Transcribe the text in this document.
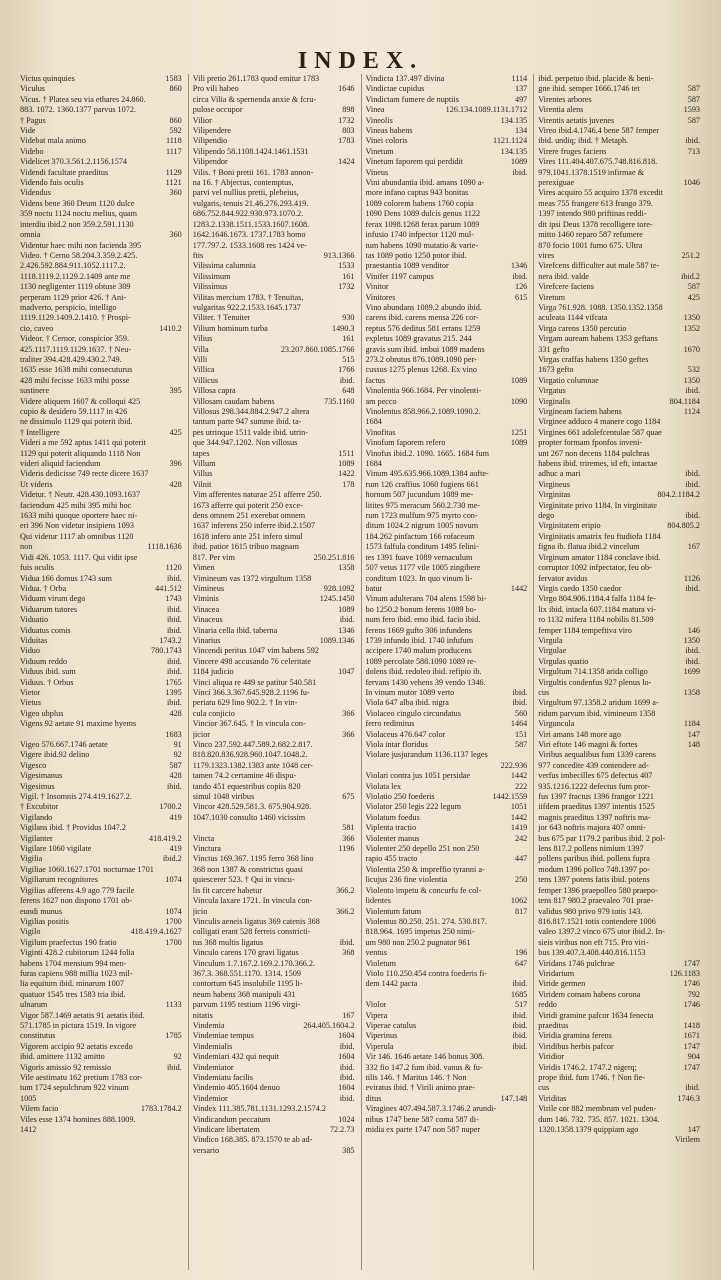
INDEX.
Victus quinquies	1583
Viculus	860
Vicus. † Platea seu via ethares 24.860.
883. 1072. 1360.1377 parvus 1072.
† Pagus	860
Vide	592
Videbat mala animo	1118
Videbo	1117
Videlicet 370.3.561.2.1156.1574
Videndi facultate praeditus	1129
Videndo fuis oculis	1121
Videndus	360
Videns bene 360 Deum 1120 dulce
359 noctu 1124 noctu melius, quam
interdiu ibid.2 non 359.2.591.1130
omnia	360
Videntur haec mihi non facienda 395
Video. † Cerno 58.204.3.359.2.425.
2.426.592.884.911.1052.1117.2.
1118.1119.2.1129.2.1409 ante me
1130 negligenter 1119 obtuse 309
perperam 1129 prior 426. † Ani-
madverto, perspicio, intelligo
1119.1129.1409.2.1410. † Prospi-
cio, caveo	1410.2
Videor. † Cernor, conspicior 359.
425.1117.1119.1129.1637. † Neu-
traliter 394.428.429.430.2.749.
1635 esse 1638 mihi consecuturus
428 mihi fecisse 1633 mihi posse
sustinere	395
Videre aliquem 1607 & colloqui 425
cupio & desidero 59.1117 in 426
ne dissimulo 1129 qui poterit ibid.
† Intelligere	425
Videri a me 592 aptus 1411 qui poterit
1129 qui poterit aliquando 1118 Non
videri aliquid faciendum	396
Videris dedicisse 749 recte dicere 1637
Ut videris	428
Videtur. † Neutr. 428.430.1093.1637
faciendum 425 mihi 395 mihi hoc
1633 mihi quoque oportere haec ni-
eri 396 Non videtur insipiens 1093
Qui videtur 1117 ab omnibus 1120
non	1118.1636
Vidi 426. 1053. 1117. Qui vidit ipse
fuis oculis	1120
Vidua 166 domus 1743 sum	ibid.
Vidua. † Orba	441.512
Viduam virum dego	1743
Viduarum tutores	ibid.
Viduatio	ibid.
Viduatus comis	ibid.
Viduitas	1743.2
Viduo	780.1743
Viduum reddo	ibid.
Viduus ibid. sum	ibid.
Viduus. † Orbus	1765
Vietor	1395
Vietus	ibid.
Vigeo ubplus	428
Vigens 92 aetate 91 maxime hyems
1683
Vigeo 576.667.1746 aetate	91
Vigere ibid.92 delino	92
Vigesco	587
Vigesimanus	428
Vigesimus	ibid.
Vigil. † Insomnis 274.419.1627.2.
† Excubitor	1700.2
Vigilando	419
Vigilans ibid. † Providus 1047.2
Vigilanter	418.419.2
Vigilare 1060 vigilate	419
Vigilia	ibid.2
Vigiliae 1060.1627.1701 nocturnae 1701
Vigiliarum recognitores	1074
Vigilias afferens 4.9 ago 779 facile
ferens 1627 non dispono 1701 ob-
eundi munus	1074
Vigilias positis	1700
Vigilo	418.419.4.1627
Vigilum praefectus 190 fratio	1700
Viginti 428.2 cubitorum 1244 folia
habens 1704 mensium 994 men-
furas capiens 988 millia 1023 mil-
lia equitum ibid. minarum 1007
quatuor 1545 tres 1583 tria ibid.
ulnarum	1133
Vigor 587.1469 aetatis 91 aetatis ibid.
571.1785 in pictura 1519. In vigore
constitutus	1785
Vigorem accipio 92 aetatis excedo
ibid. amittere 1132 amitto	92
Vigoris amissio 92 remissio	ibid.
Vile aestimatu 162 pretium 1783 cor-
tum 1724 sepulchrum 922 vinum
1005
Vilem facio	1783.1784.2
Viles esse 1374 homines 888.1009.
1412
Vili pretio 261.1783 quod emitur 1783
Pro vili habeo	1646
circa Vilia & spernenda anxie & fcru-
pulose occupor	898
Vilior	1732
Vilipendere	803
Vilipendio	1783
Vilipendo 58.1108.1424.1461.1531
Vilipendor	1424
Vilis. † Boni pretii 161. 1783 annon-
na 16. † Abjectus, contemptus,
parvi vel nullius pretii, plebeius,
vulgaris, tenuis 21.46.276.293.419.
686.752.844.922.930.973.1070.2.
1283.2.1338.1511.1533.1607.1608.
1642.1646.1673. 1737.1783 homo
177.797.2. 1533.1608 res 1424 ve-
ftis	913.1366
Vilissima calumnia	1533
Vilissimum	161
Vilissimus	1732
Vilitas mercium 1783. † Tenuitas,
vulgaritas 922.2.1533.1645.1737
Viliter. † Tenuiter	930
Vilium hominum turba	1490.3
Vilius	161
Villa	23.207.860.1085.1766
Villi	515
Villica	1766
Villicus	ibid.
Villosa capra	648
Villosam caudam habens	735.1160
Villosus 298.344.884.2.947.2 altera
tantum parte 947 summe ibid. ta-
pes utrinque 1511 valde ibid. utrin-
que 344.947.1202. Non villosus
tapes	1511
Villum	1089
Villus	1422
Vilnit	178
Vim afferentes naturae 251 afferre 250.
1673 afferre qui poterit 250 exce-
dens omnem 251 exerebat omnem
1637 inferens 250 inferre ibid.2.1507
1618 infero ante 251 infero simul
ibid. patior 1615 tribuo magnam
817. Per vim	250.251.816
Vimen	1358
Vimineum vas 1372 virgultum 1358
Vimineus	928.1092
Viminis	1245.1450
Vinacea	1089
Vinaceus	ibid.
Vinaria cella ibid. taberna	1346
Vinarius	1089.1346
Vincendi peritus 1047 vim habens 592
Vincere 498 accusando 76 celeritate
1184 judicio	1047
Vinci aliqua re 449 se patitur 540.581
Vinci 366.3.367.645.928.2.1196 fu-
periatu 629 lino 902.2. † In vin-
cula conjicio	366
Vincior 367.645. † In vincula con-
jicior	366
Vinco 237.592.447.589.2.682.2.817.
818.820.836.928.960.1047.1048.2.
1179.1323.1382.1383 ante 1048 cer-
tamen 74.2 certamine 46 dispu-
tando 451 equestribus copiis 820
simul 1048 viribus	675
Vincor 428.529.581.3. 675.904.928.
1047.1030 consulto 1460 vicissim
581
Vincta	366
Vinctura	1196
Vinctus 169.367. 1195 ferro 368 lino
368 non 1387 & constrictus quasi
quiescerer 523. † Qui in vincu-
lis fit carcere habetur	366.2
Vincula laxare 1721. In vincula con-
jicio	366.2
Vinculis aeneis ligatus 369 catenis 368
colligati erant 528 ferreis constricti-
tus 368 multis ligatus	ibid.
Vinculo carens 170 gravi ligatus	368
Vinculum 1.7.167.2.169.2.170.366.2.
367.3. 368.551.1170. 1314. 1509
contortum 645 insolubile 1195 li-
neum habens 368 manipuli 431
parvum 1195 testium 1196 virgi-
nitatis	167
Vindemia	264.405.1604.2
Vindemiae tempus	1604
Vindemialis	ibid.
Vindemiari 432 qui nequit	1604
Vindemiator	ibid.
Vindemiatu facilis	ibid.
Vindemio 405.1604 denuo	1604
Vindemior	ibid.
Vindex 111.385.781.1131.1293.2.1574.2
Vindicandum peccatum	1024
Vindicare libertatem	72.2.73
Vindico 168.385. 873.1570 te ab ad-
versario	385
Vindicta 137.497 divina	1114
Vindictae cupidus	137
Vindictam fumere de nuptiis	497
Vinea	126.134.1089.1131.1712
Vineolis	134.135
Vineas habens	134
Vinei coloris	1121.1124
Vinetum	134.135
Vinetum faporem qui perdidit	1089
Vineus	ibid.
Vini abundantia ibid. amans 1090 a-
more infano captus 943 bonitas
1089 colorem habens 1760 copia
1090 Dens 1089 dulcis genus 1122
ferax 1098.1268 ferax parum 1089
infusio 1740 infpector 1120 mul-
tum habens 1090 mutatio & varie-
tas 1089 potio 1250 potor ibid.
praestantia 1089 venditor	1346
Vinifer 1197 campus	ibid.
Vinitor	126
Vinitores	615
Vino abundans 1089.2 abundo ibid.
carens ibid. carens mensa 226 cor-
reptus 576 deditus 581 errans 1259
expletus 1089 gravatus 215. 244
gravis sum ibid. imbui 1089 madens
273.2 obrutus 876.1089.1090 per-
cussus 1275 plenus 1268. Ex vino
factus	1089
Vinolentia 966.1684. Per vinolenti-
am pecco	1090
Vinolentus 858.966.2.1089.1090.2.
1684
Vinofitas	1251
Vinofum faporem refero	1089
Vinofus ibid.2. 1090. 1665. 1684 fum
1684
Vinum 495.635.966.1089.1384 aufte-
rum 126 craffius 1060 fugiens 661
hornum 507 jucundum 1089 me-
litites 975 meracum 560.2.730 me-
rum 1723 mulfum 975 myrto con-
ditum 1024.2 nigrum 1005 novum
184.262 pinfactum 166 rofaceum
1573 falfula conditum 1495 felini-
tes 1391 fuave 1089 vernaculum
507 vetus 1177 vile 1005 zingibere
conditum 1023. In quo vinum li-
batur	1442
Vinum adulterans 704 alens 1598 bi-
bo 1250.2 bonum ferens 1089 bo-
num fero ibid. emo ibid. facio ibid.
ferens 1669 gufto 306 infundens
1739 infundo ibid. 1740 infufum
accipere 1740 malum producens
1089 percolate 588.1090 1089 re-
dolens ibid. redoleo ibid. refipio ib.
fervans 1430 vehens 39 vendo 1346.
In vinum mutor 1089 verto	ibid.
Viola 647 alba ibid. nigra	ibid.
Violaceo cingulo circundatus	560
ferro redimitus	1464
Violaceus 476.647 color	151
Viola intar floridus	587
Violare jusjurandum 1136.1137 leges
222.936
Violari contra jus 1051 persidae	1442
Violata lex	222
Violatio 250 foederis	1442.1559
Violator 250 legis 222 legum	1051
Violatum foedus	1442
Viplenta tractio	1419
Violenter manus	242
Violenter 250 depello 251 non 250
rapio 455 tracto	447
Violentia 250 & impreffio tyranni a-
licujus 236 fine violentia	250
Violento impetu & concurfu fe col-
lidentes	1062
Violentum fatum	817
Violentus 80.250. 251. 274. 530.817.
818.964. 1695 impetus 250 nimi-
um 980 non 250.2 pugnator 961
ventus	196
Violetum	647
Violo 110.250.454 contra foederis fi-
dem 1442 pacta	ibid.
1685
Violor	517
Vipera	ibid.
Viperae catulus	ibid.
Viperinus	ibid.
Viperula	ibid.
Vir 146. 1646 aetate 146 bonus 308.
332 fio 147.2 fum ibid. vanus & fu-
tilis 146. † Maritus 146. † Non
eviratus ibid. † Virili animo prae-
ditus	147.148
Viragines 407.494.587.3.1746.2 arundi-
nibus 1747 bene 587 coma 587 di-
midia ex parte 1747 non 587 nuper
ibid. perpetuo ibid. placide & beni-
gne ibid. semper 1666.1746 tet	587
Virentes arbores	587
Virentia alens	1593
Virentis aetatis juvenes	587
Vireo ibid.4.1746.4 bene 587 femper
ibid. undiq; ibid. † Metaph.	ibid.
Virere fruges faciens	713
Vires 111.404.407.675.748.816.818.
979.1041.1378.1519 infirmae &
perexiguae	1046
Vires acquiro 55 acquiro 1378 excedit
meas 755 frangere 613 frango 379.
1397 intendo 980 priftinas reddi-
dit ipsi Deus 1378 recolligere tore-
mitto 1460 reparo 587 refumere
870 focio 1001 fumo 675. Ultra
vires	251.2
Virefcens difficulter aut male 587 te-
nera ibid. valde	ibid.2
Virefcere faciens	587
Viretum	425
Virga 761.928. 1088. 1350.1352.1358
aculeata 1144 vifcata	1350
Virga carens 1350 percutio	1352
Virgam auream habens 1353 geftans
331 gefto	1670
Virgas craffas habens 1350 geftes
1673 gefto	532
Virgatio columnae	1350
Virgatus	ibid.
Virginalis	804.1184
Virgineam faciem habens	1124
Virginee adduco 4 manere cogo 1184
Virgines 661 adolefcentulae 587 quae
propter formam fponfos inveni-
unt 267 non decens 1184 pulchras
habens ibid. triremes, id eft, intactae
adhuc a mari	ibid.
Virgineus	ibid.
Virginitas	804.2.1184.2
Virginitate privo 1184. In virginitate
dego	ibid.
Virginitatem eripio	804.805.2
Virginitatis amatrix feu ftudiofa 1184
figna ib. flatua ibid.2 vincelum	167
Virginum amator 1184 conclave ibid.
corruptor 1092 infpectator, feu ob-
fervator avidus	1126
Virgis caedo 1350 caedor	ibid.
Virgo 804.906.1184.4 falfa 1184 fe-
lix ibid. intacla 607.1184 matura vi-
ro 1132 mifera 1184 nobilis 81.509
femper 1184 tempeftiva viro	146
Virgula	1350
Virgulae	ibid.
Virgulas quatio	ibid.
Virgultum 714.1358 arida colligo	1699
Virgultis condenfus 927 plenus lo-
cus	1358
Virgultum 97.1358.2 aridum 1699 a-
ridum parvum ibid. vimineum 1358
Virguncula	1184
Viri amans 148 more ago	147
Viri eftote 146 magni & fortes	148
Viribus aequalibus fum 1339 carens
977 concedite 439 contendere ad-
verfus imbecilles 675 defectus 407
935.1216.1222 defectus fum pror-
fus 1397 fractus 1396 frangor 1221
iifdem praeditus 1397 intentis 1525
magnis praeditus 1397 noftris ma-
jor 643 noftris majora 407 omni-
bus 675 par 1179.2 paribus ibid. 2 pol-
lens 817.2 pollens nimium 1397
pollens paribus ibid. pollens fupra
modum 1396 pollco 748.1397 po-
tens 1397 potens fatis ibid. potens
femper 1396 praepolleo 580 praepo-
tens 817 980.2 praevaleo 701 prae-
validus 980 privo 979 totis 143.
816.817.1521 totis contendere 1006
valeo 1397.2 vinco 675 utor ibid.2. In-
sieis viribus non eft 715. Pro viri-
bus 139.407.3.408.440.816.1153
Viridans 1746 pulchrae	1747
Viridarium	126.1183
Viride germen	1746
Viridem comam habens corona	792
reddo	1746
Viridi gramine pafcor 1634 fenecta
praeditus	1418
Viridia gramina ferens	1671
Viridibus herbis pafcor	1747
Viridior	904
Viridis 1746.2. 1747.2 nigerq;	1747
prope ibid. fum 1746. † Non fie-
cus	ibid.
Viriditas	1746.3
Virile cor 882 membrum vel puden-
dum 146. 732. 735. 857. 1021. 1304.
1320.1358.1379 quippiam ago	147
Virilem
